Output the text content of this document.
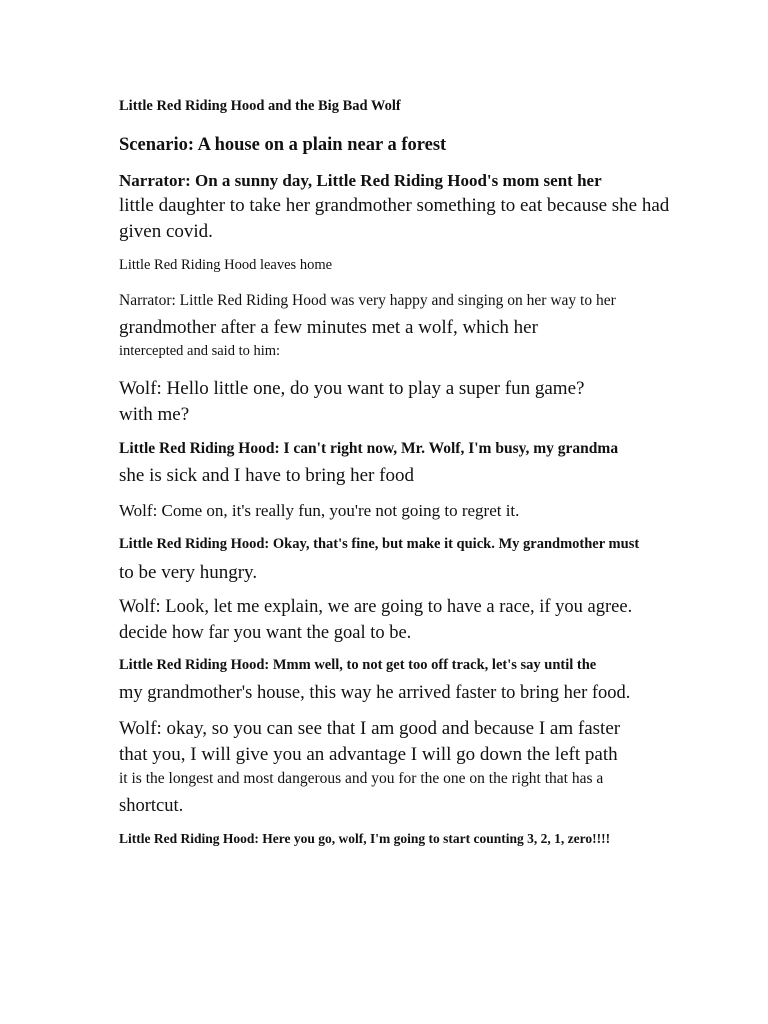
Little Red Riding Hood and the Big Bad Wolf
Scenario: A house on a plain near a forest
Narrator: On a sunny day, Little Red Riding Hood's mom sent her
little daughter to take her grandmother something to eat because she had
given covid.
Little Red Riding Hood leaves home
Narrator: Little Red Riding Hood was very happy and singing on her way to her
grandmother after a few minutes met a wolf, which her
intercepted and said to him:
Wolf: Hello little one, do you want to play a super fun game?
with me?
Little Red Riding Hood: I can't right now, Mr. Wolf, I'm busy, my grandma
she is sick and I have to bring her food
Wolf: Come on, it's really fun, you're not going to regret it.
Little Red Riding Hood: Okay, that's fine, but make it quick. My grandmother must
to be very hungry.
Wolf: Look, let me explain, we are going to have a race, if you agree.
decide how far you want the goal to be.
Little Red Riding Hood: Mmm well, to not get too off track, let's say until the
my grandmother's house, this way he arrived faster to bring her food.
Wolf: okay, so you can see that I am good and because I am faster
that you, I will give you an advantage I will go down the left path
it is the longest and most dangerous and you for the one on the right that has a
shortcut.
Little Red Riding Hood: Here you go, wolf, I'm going to start counting 3, 2, 1, zero!!!!
